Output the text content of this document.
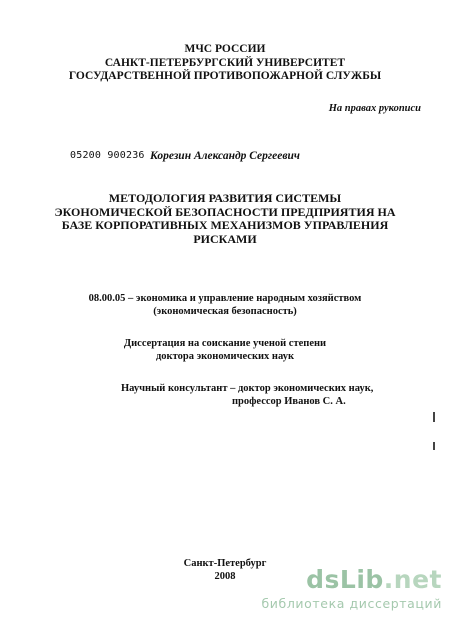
МЧС РОССИИ
САНКТ-ПЕТЕРБУРГСКИЙ УНИВЕРСИТЕТ
ГОСУДАРСТВЕННОЙ ПРОТИВОПОЖАРНОЙ СЛУЖБЫ
На правах рукописи
05200 900236 Корезин Александр Сергеевич
МЕТОДОЛОГИЯ РАЗВИТИЯ СИСТЕМЫ
ЭКОНОМИЧЕСКОЙ БЕЗОПАСНОСТИ ПРЕДПРИЯТИЯ НА
БАЗЕ КОРПОРАТИВНЫХ МЕХАНИЗМОВ УПРАВЛЕНИЯ
РИСКАМИ
08.00.05 – экономика и управление народным хозяйством
(экономическая безопасность)
Диссертация на соискание ученой степени
доктора экономических наук
Научный консультант – доктор экономических наук,
профессор Иванов С. А.
Санкт-Петербург
2008	dsLib.net
библиотека диссертаций
